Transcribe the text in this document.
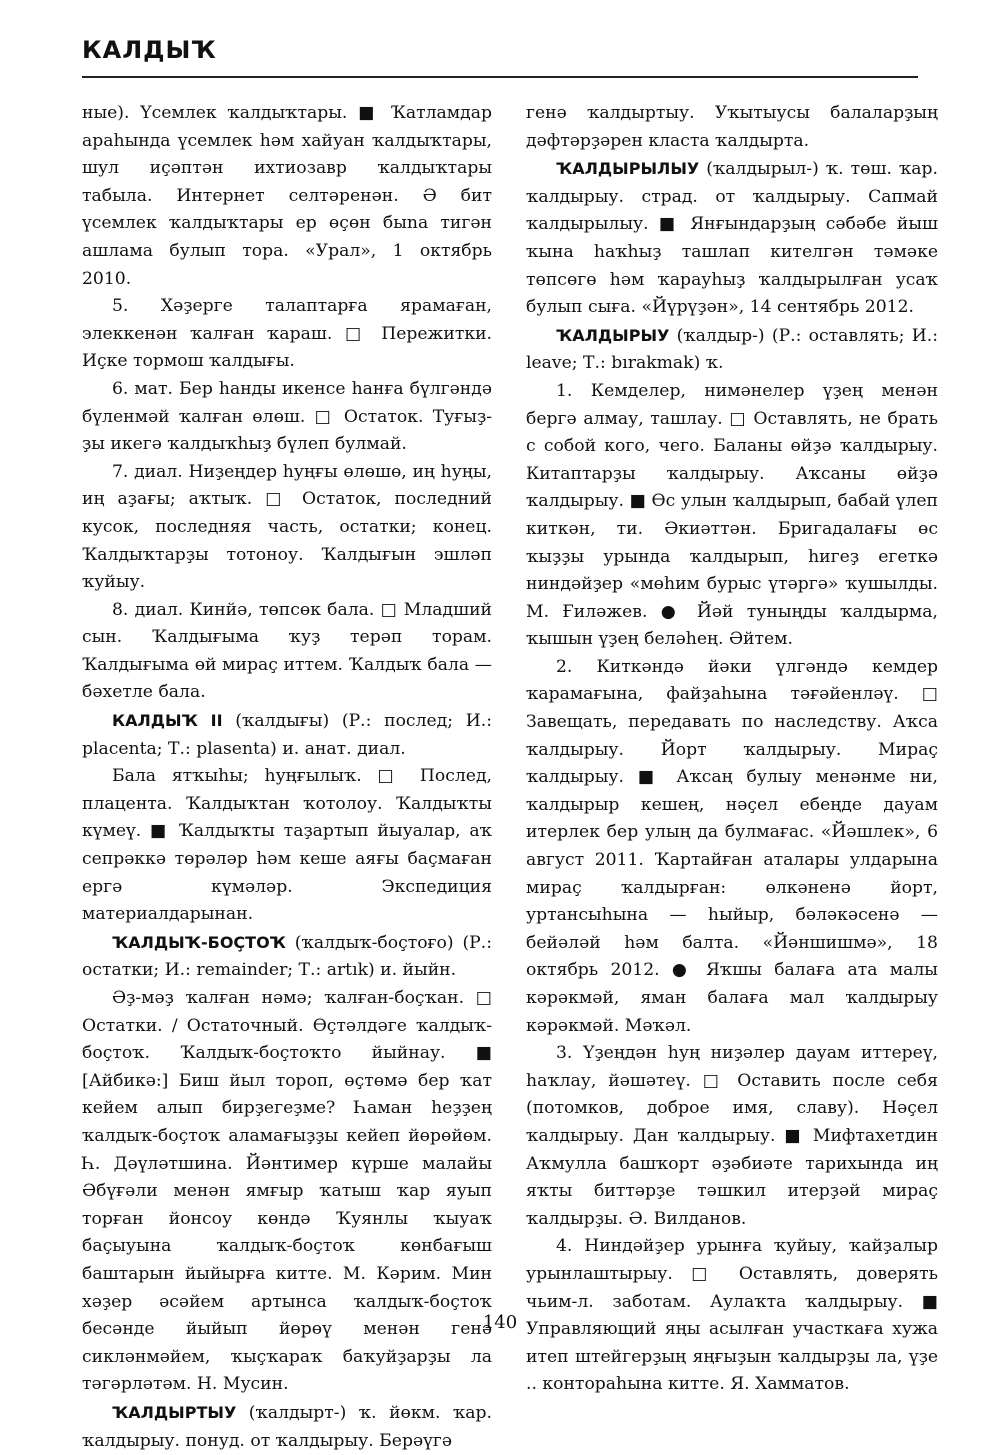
КАЛДЫҠ

ные). Үсемлек ҡалдыҡтары. ■ Ҡатламдар араһында үсемлек һәм хайуан ҡалдыҡтары, шул иҫәптән ихтиозавр ҡалдыҡтары табыла. Интернет селтәренән. Ә бит үсемлек ҡалдыҡтары ер өҫөн быna тигән ашлама булып тора. «Урал», 1 октябрь 2010.

5. Хәҙерге талаптарға ярамаған, элеккенән ҡалған ҡараш. □ Пережитки. Иҫке тормош ҡалдығы.

6. мат. Бер һанды икенсе һанға бүлгәндә бүленмәй ҡалған өлөш. □ Остаток. Туғыҙ-ҙы икегә ҡалдыҡһыҙ бүлеп булмай.

7. диал. Ниҙеңдер һуңғы өлөшө, иң һуңы, иң аҙағы; аҡтыҡ. □ Остаток, последний кусок, последняя часть, остатки; конец. Ҡалдыҡтарҙы тотоноу. Ҡалдығын эшләп ҡуйыу.

8. диал. Кинйә, төпсөк бала. □ Младший сын. Ҡалдығыма ҡуҙ терәп торам. Ҡалдығыма өй мираҫ иттем. Ҡалдыҡ бала — бәхетле бала.

КАЛДЫҠ II (ҡалдығы) (Р.: послед; И.: placenta; Т.: plasenta) и. анат. диал.

Бала ятҡыһы; һуңғылыҡ. □ Послед, плацента. Ҡалдыҡтан ҡотолоу. Ҡалдыҡты күмеү. ■ Ҡалдыҡты таҙартып йыуалар, аҡ сепрәккә төрәләр һәм кеше аяғы баҫмаған ергә күмәләр. Экспедиция материалдарынан.

ҠАЛДЫҠ-БОҪТОҠ (ҡалдыҡ-боҫтоғо) (Р.: остатки; И.: remainder; Т.: artık) и. йыйн.

Әҙ-мәҙ ҡалған нәмә; ҡалған-боҫҡан. □ Остатки. / Остаточный. Өҫтәлдәге ҡалдыҡ-боҫтоҡ. Ҡалдыҡ-боҫтоҡто йыйнау. ■ [Айбикә:] Биш йыл тороп, өҫтөмә бер ҡат кейем алып бирҙегеҙме? Һаман һеҙҙең ҡалдыҡ-боҫтоҡ аламағыҙҙы кейеп йөрөйөм. Һ. Дәүләтшина. Йәнтимер күрше малайы Әбүғәли менән ямғыр ҡатыш ҡар яуып торған йонсоу көндә Ҡуянлы ҡыуаҡ баҫыуына ҡалдыҡ-боҫтоҡ көнбағыш баштарын йыйырға китте. М. Кәрим. Мин хәҙер әсәйем артынса ҡалдыҡ-боҫтоҡ бесәнде йыйып йөрөү менән генә сикләнмәйем, ҡыҫҡараҡ баҡуйҙарҙы ла тәгәрләтәм. Н. Мусин.

ҠАЛДЫРТЫУ (ҡалдырт-) ҡ. йөкм. ҡар. ҡалдырыу. понуд. от ҡалдырыу. Берәүгә

генә ҡалдыртыу. Уҡытыусы балаларҙың дәфтәрҙәрен класта ҡалдырта.

ҠАЛДЫРЫЛЫУ (ҡалдырыл-) ҡ. төш. ҡар. ҡалдырыу. страд. от ҡалдырыу. Сапмай ҡалдырылыу. ■ Янғындарҙың сәбәбе йыш ҡына һаҡһыҙ ташлап кителгән тәмәке төпсөгө һәм ҡарауһыҙ ҡалдырылған усаҡ булып сыға. «Йүрүҙән», 14 сентябрь 2012.

ҠАЛДЫРЫУ (ҡалдыр-) (Р.: оставлять; И.: leave; Т.: bırakmak) ҡ.

1. Кемделер, нимәнелер үҙең менән бергә алмау, ташлау. □ Оставлять, не брать с собой кого, чего. Баланы өйҙә ҡалдырыу. Китаптарҙы ҡалдырыу. Аҡсаны өйҙә ҡалдырыу. ■ Өс улын ҡалдырып, бабай үлеп киткән, ти. Әкиәттән. Бригадалағы өс ҡыҙҙы урында ҡалдырып, һигеҙ егеткә ниндәйҙер «мөһим бурыс үтәргә» ҡушылды. М. Ғиләжев. ● Йәй туныңды ҡалдырма, ҡышын үҙең беләһең. Әйтем.

2. Киткәндә йәки үлгәндә кемдер ҡарамағына, файҙаһына тәғәйенләү. □ Завещать, передавать по наследству. Аҡса ҡалдырыу. Йорт ҡалдырыу. Мираҫ ҡалдырыу. ■ Аҡсаң булыу менәнме ни, ҡалдырыр кешең, нәҫел ебеңде дауам итерлек бер улың да булмағас. «Йәшлек», 6 август 2011. Ҡартайған аталары улдарына мираҫ ҡалдырған: өлкәненә йорт, уртансыһына — һыйыр, бәләкәсенә — бейәләй һәм балта. «Йәншишмә», 18 октябрь 2012. ● Яҡшы балаға ата малы кәрәкмәй, яман балаға мал ҡалдырыу кәрәкмәй. Мәҡәл.

3. Үҙеңдән һуң ниҙәлер дауам иттереү, һаҡлау, йәшәтеү. □ Оставить после себя (потомков, доброе имя, славу). Нәҫел ҡалдырыу. Дан ҡалдырыу. ■ Мифтахетдин Аҡмулла башҡорт әҙәбиәте тарихында иң яҡты биттәрҙе тәшкил итерҙәй мираҫ ҡалдырҙы. Ә. Вилданов.

4. Ниндәйҙер урынға ҡуйыу, ҡайҙалыр урынлаштырыу. □ Оставлять, доверять чьим-л. заботам. Аулаҡта ҡалдырыу. ■ Управляющий яңы асылған участкаға хужа итеп штейгерҙың яңғыҙын ҡалдырҙы ла, үҙе .. контораһына китте. Я. Хамматов.

140
